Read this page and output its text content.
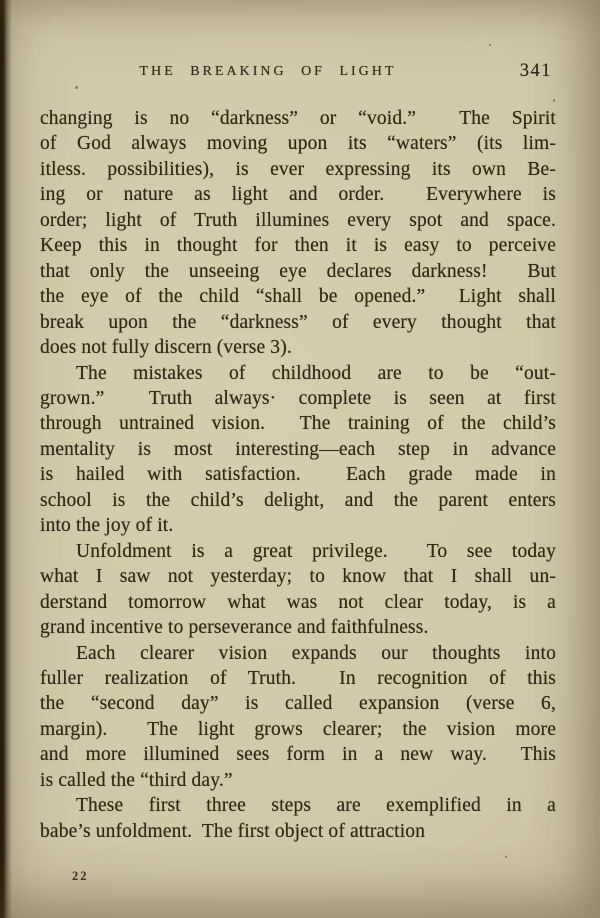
THE BREAKING OF LIGHT	341
changing is no “darkness” or “void.”  The Spirit
of God always moving upon its “waters” (its lim-
itless. possibilities), is ever expressing its own Be-
ing or nature as light and order.  Everywhere is
order; light of Truth illumines every spot and space.
Keep this in thought for then it is easy to perceive
that only the unseeing eye declares darkness!  But
the eye of the child “shall be opened.”  Light shall
break upon the “darkness” of every thought that
does not fully discern (verse 3).
The mistakes of childhood are to be “out-
grown.”  Truth always· complete is seen at first
through untrained vision.  The training of the child’s
mentality is most interesting—each step in advance
is hailed with satisfaction.  Each grade made in
school is the child’s delight, and the parent enters
into the joy of it.
Unfoldment is a great privilege.  To see today
what I saw not yesterday; to know that I shall un-
derstand tomorrow what was not clear today, is a
grand incentive to perseverance and faithfulness.
Each clearer vision expands our thoughts into
fuller realization of Truth.  In recognition of this
the “second day” is called expansion (verse 6,
margin).  The light grows clearer; the vision more
and more illumined sees form in a new way.  This
is called the “third day.”
These first three steps are exemplified in a
babe’s unfoldment.  The first object of attraction
22
